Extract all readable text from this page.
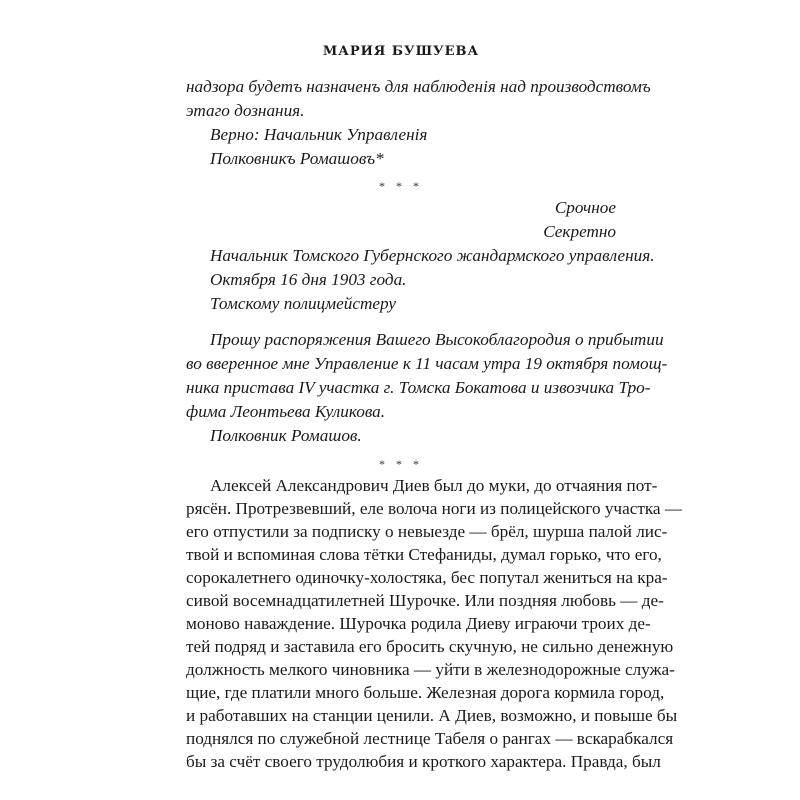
МАРИЯ БУШУЕВА
надзора будетъ назначенъ для наблюденія над производствомъ
этаго дознания.
Верно: Начальник Управленія
Полковникъ Ромашовъ*
* * *
Срочное
Секретно
Начальник Томского Губернского жандармского управления.
Октября 16 дня 1903 года.
Томскому полицмейстеру
Прошу распоряжения Вашего Высокоблагородия о прибытии
во вверенное мне Управление к 11 часам утра 19 октября помощ-
ника пристава IV участка г. Томска Бокатова и извозчика Тро-
фима Леонтьева Куликова.
Полковник Ромашов.
* * *
Алексей Александрович Диев был до муки, до отчаяния пот-
рясён. Протрезвевший, еле волоча ноги из полицейского участка —
его отпустили за подписку о невыезде — брёл, шурша палой лис-
твой и вспоминая слова тётки Стефаниды, думал горько, что его,
сорокалетнего одиночку-холостяка, бес попутал жениться на кра-
сивой восемнадцатилетней Шурочке. Или поздняя любовь — де-
моново наваждение. Шурочка родила Диеву играючи троих де-
тей подряд и заставила его бросить скучную, не сильно денежную
должность мелкого чиновника — уйти в железнодорожные служа-
щие, где платили много больше. Железная дорога кормила город,
и работавших на станции ценили. А Диев, возможно, и повыше бы
поднялся по служебной лестнице Табеля о рангах — вскарабкался
бы за счёт своего трудолюбия и кроткого характера. Правда, был
